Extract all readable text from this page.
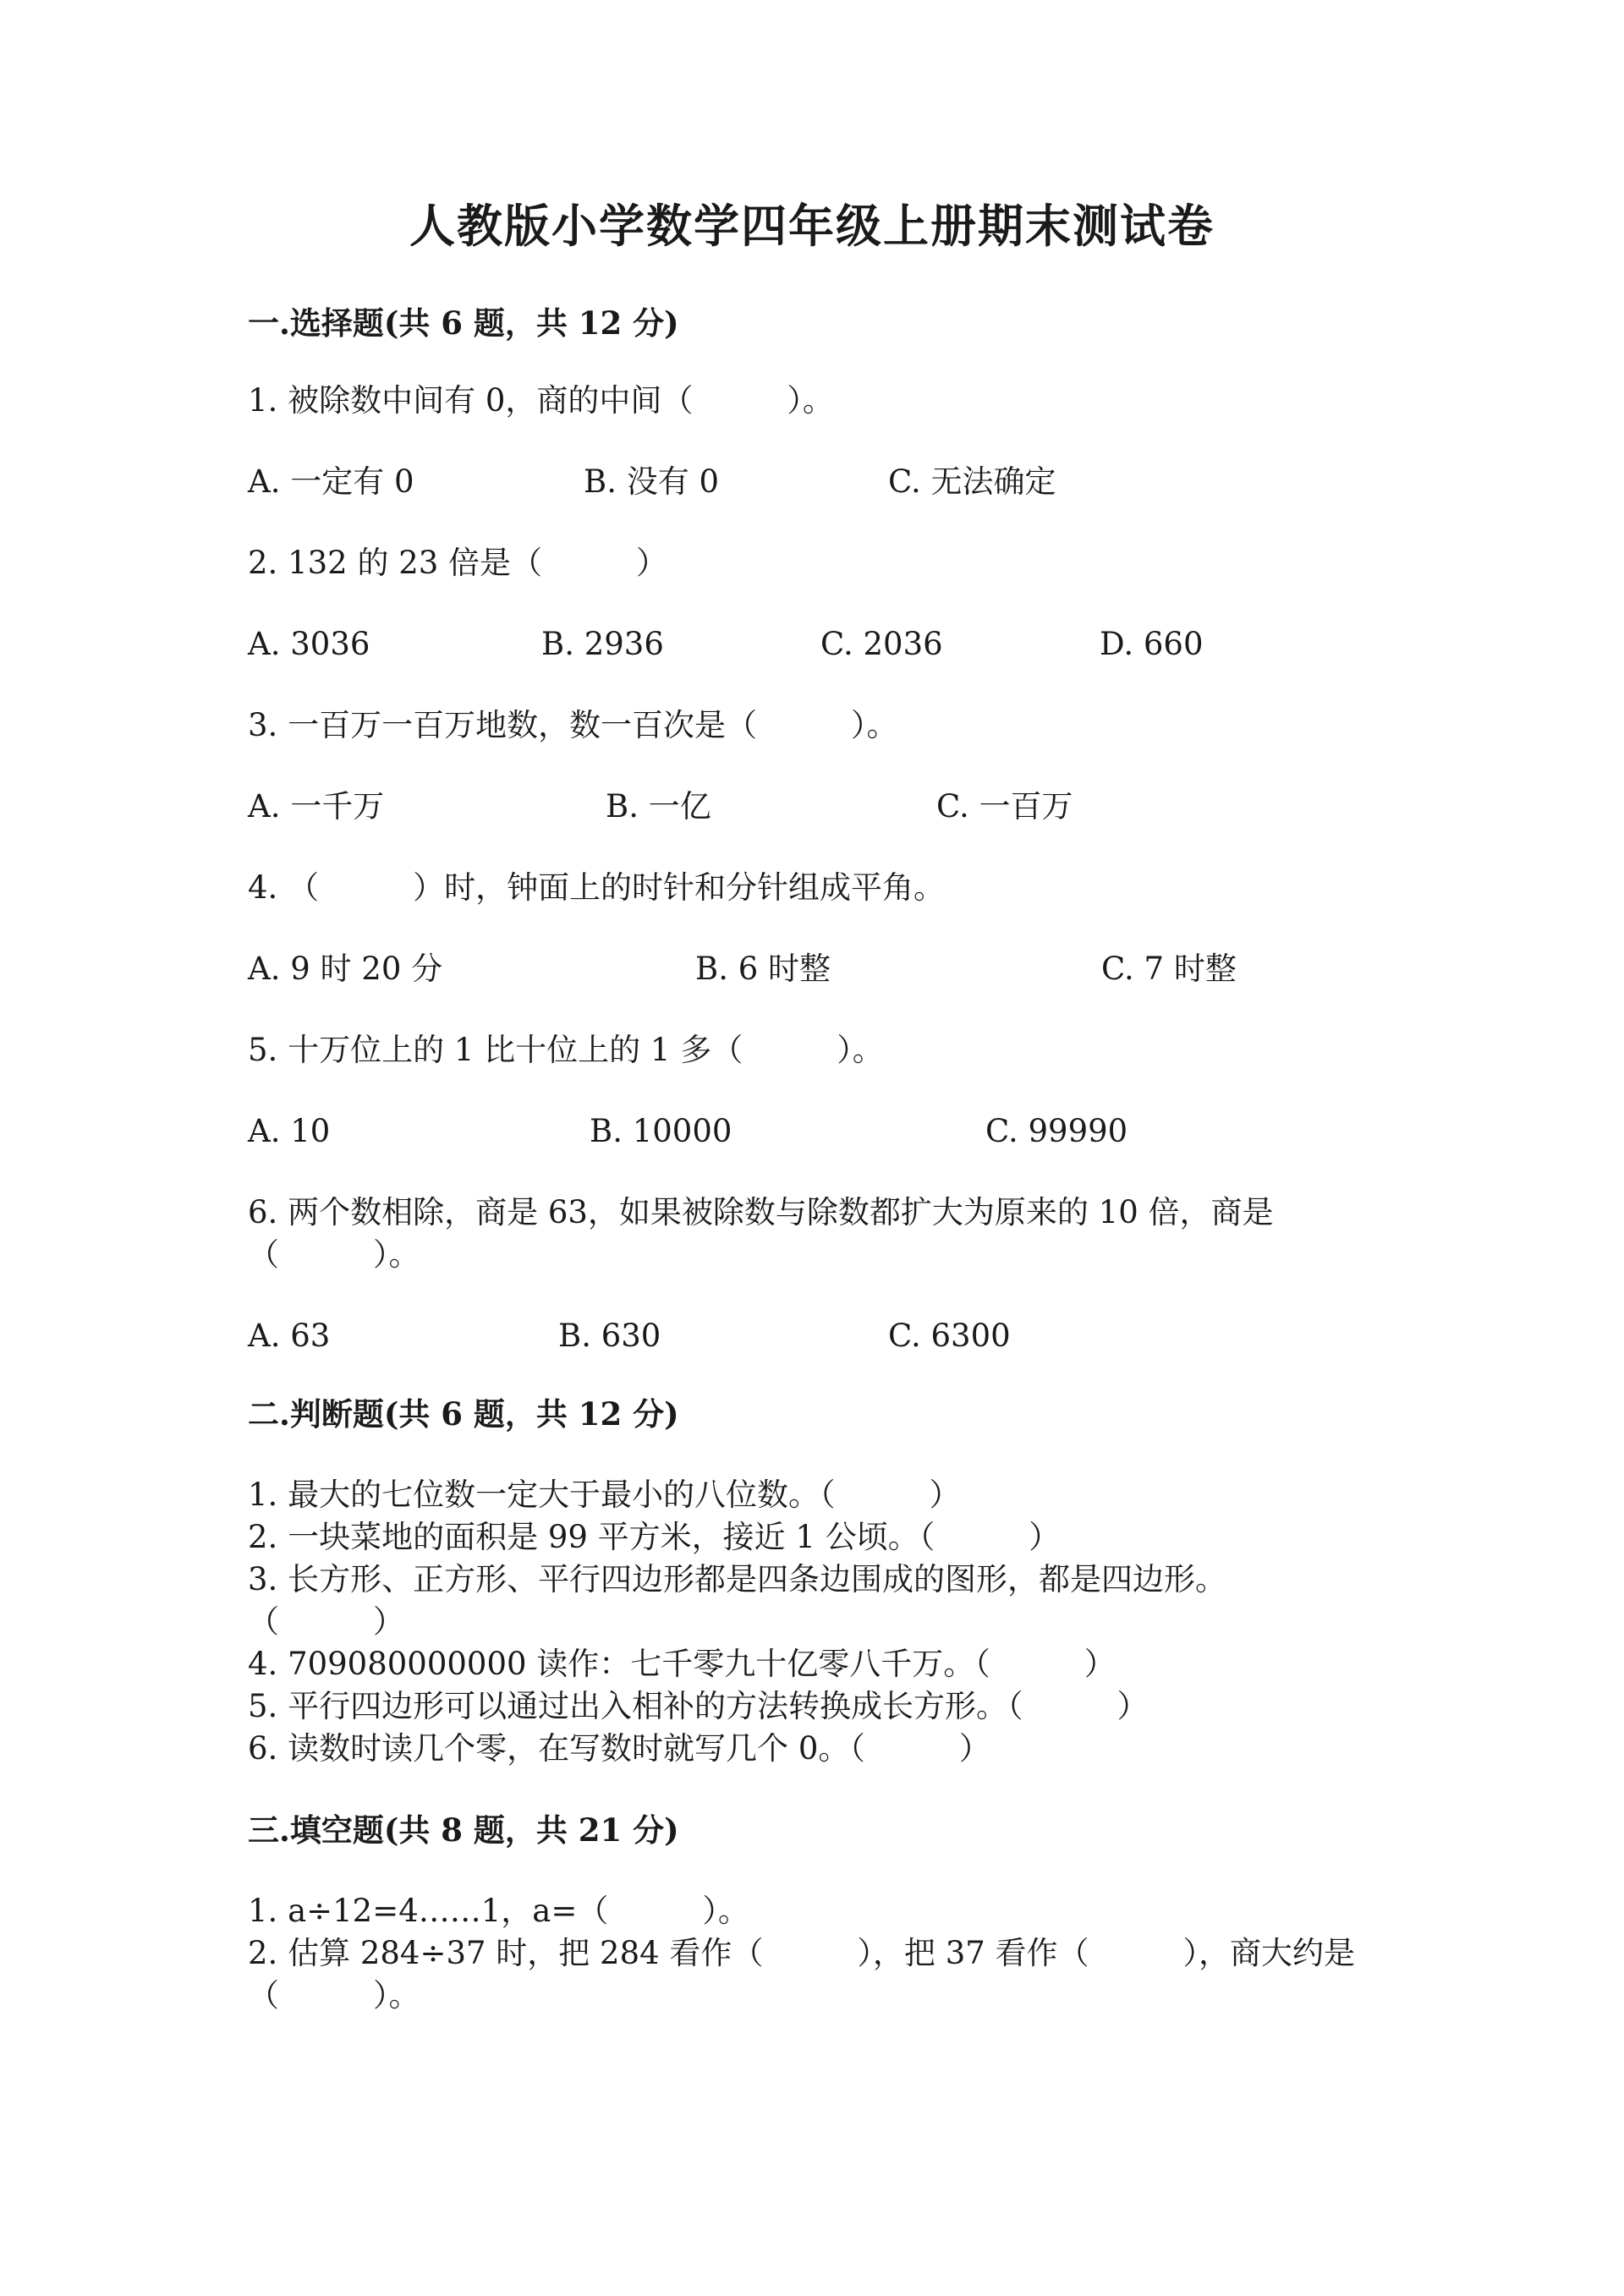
人教版小学数学四年级上册期末测试卷
一.选择题(共 6 题，共 12 分)
1. 被除数中间有 0，商的中间（　　　）。
A. 一定有 0	B. 没有 0	C. 无法确定
2. 132 的 23 倍是（　　　）
A. 3036	B. 2936	C. 2036	D. 660
3. 一百万一百万地数，数一百次是（　　　）。
A. 一千万	B. 一亿	C. 一百万
4. （　　　）时，钟面上的时针和分针组成平角。
A. 9 时 20 分	B. 6 时整	C. 7 时整
5. 十万位上的 1 比十位上的 1 多（　　　）。
A. 10	B. 10000	C. 99990
6. 两个数相除，商是 63，如果被除数与除数都扩大为原来的 10 倍，商是
（　　　）。
A. 63	B. 630	C. 6300
二.判断题(共 6 题，共 12 分)
1. 最大的七位数一定大于最小的八位数。（　　　）
2. 一块菜地的面积是 99 平方米，接近 1 公顷。（　　　）
3. 长方形、正方形、平行四边形都是四条边围成的图形，都是四边形。
（　　　）
4. 709080000000 读作：七千零九十亿零八千万。（　　　）
5. 平行四边形可以通过出入相补的方法转换成长方形。（　　　）
6. 读数时读几个零，在写数时就写几个 0。（　　　）
三.填空题(共 8 题，共 21 分)
1. a÷12=4……1，a=（　　　）。
2. 估算 284÷37 时，把 284 看作（　　　），把 37 看作（　　　），商大约是
（　　　）。
